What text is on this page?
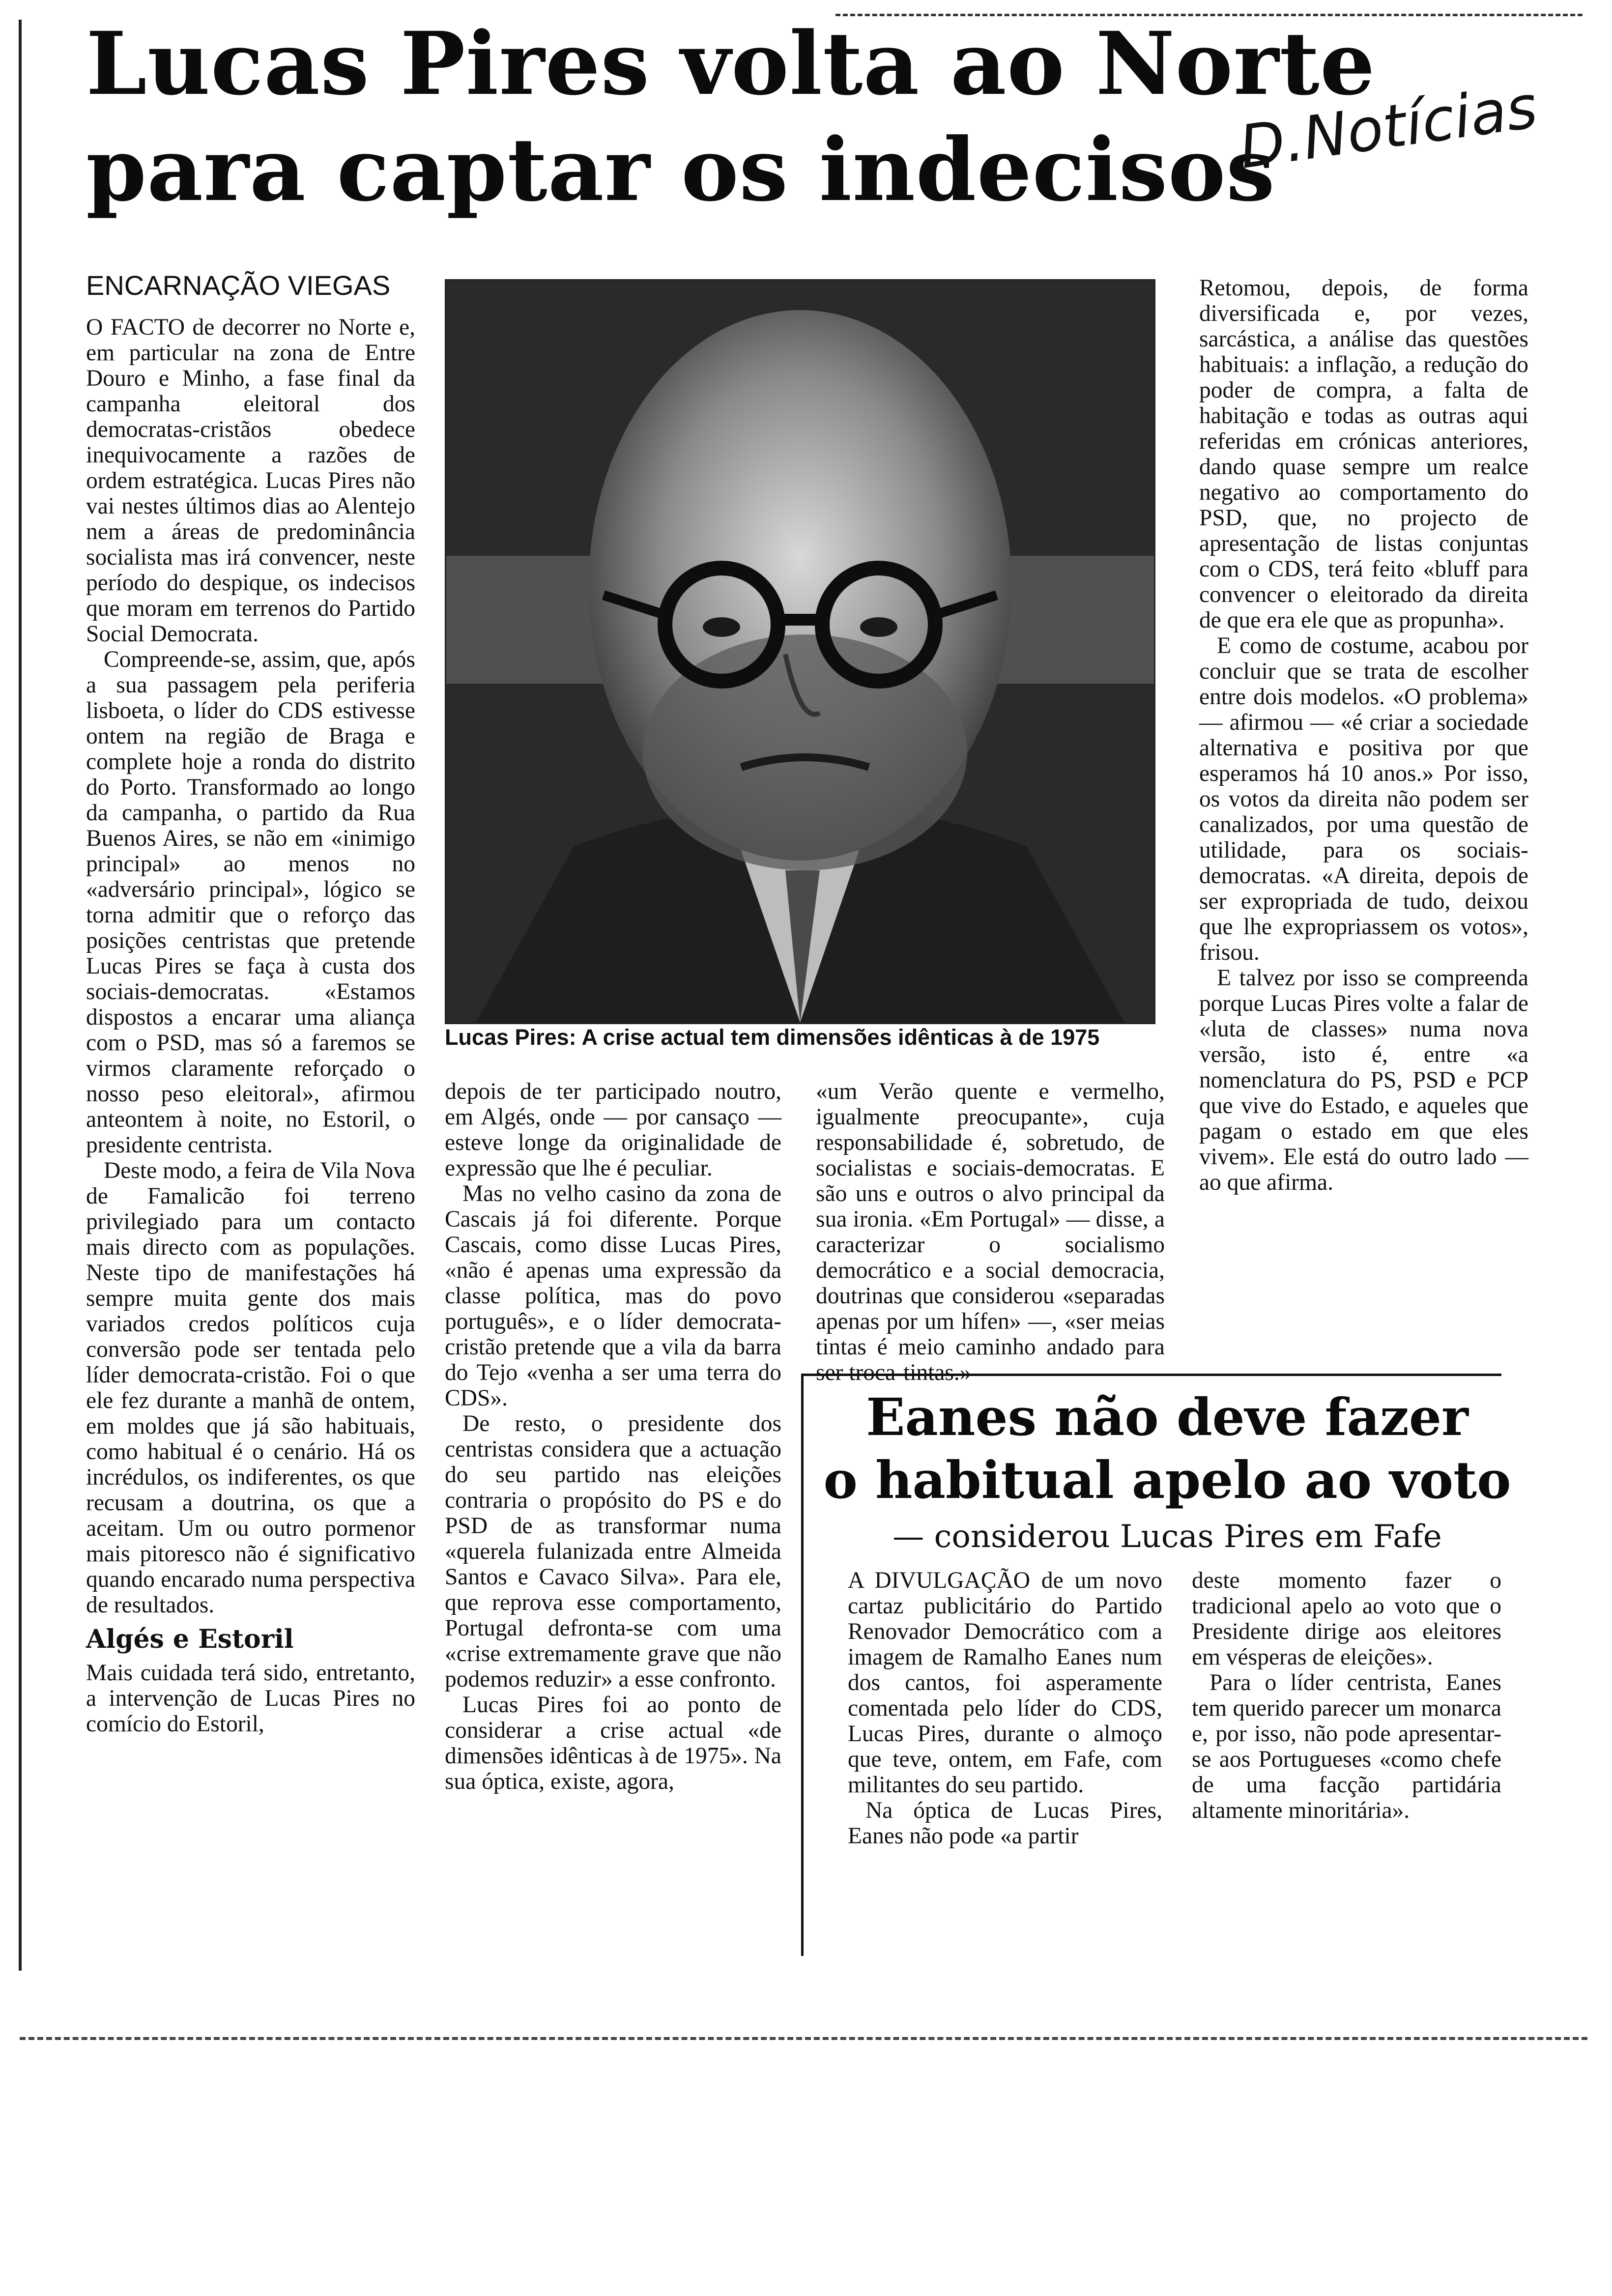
Lucas Pires volta ao Norte
para captar os indecisos
D.Notícias
ENCARNAÇÃO VIEGAS

O FACTO de decorrer no Norte e, em particular na zona de Entre Douro e Minho, a fase final da campanha eleitoral dos democratas-cristãos obedece inequivocamente a razões de ordem estratégica. Lucas Pires não vai nestes últimos dias ao Alentejo nem a áreas de predominância socialista mas irá convencer, neste período do despique, os indecisos que moram em terrenos do Partido Social Democrata.

Compreende-se, assim, que, após a sua passagem pela periferia lisboeta, o líder do CDS estivesse ontem na região de Braga e complete hoje a ronda do distrito do Porto. Transformado ao longo da campanha, o partido da Rua Buenos Aires, se não em «inimigo principal» ao menos no «adversário principal», lógico se torna admitir que o reforço das posições centristas que pretende Lucas Pires se faça à custa dos sociais-democratas. «Estamos dispostos a encarar uma aliança com o PSD, mas só a faremos se virmos claramente reforçado o nosso peso eleitoral», afirmou anteontem à noite, no Estoril, o presidente centrista.

Deste modo, a feira de Vila Nova de Famalicão foi terreno privilegiado para um contacto mais directo com as populações. Neste tipo de manifestações há sempre muita gente dos mais variados credos políticos cuja conversão pode ser tentada pelo líder democrata-cristão. Foi o que ele fez durante a manhã de ontem, em moldes que já são habituais, como habitual é o cenário. Há os incrédulos, os indiferentes, os que recusam a doutrina, os que a aceitam. Um ou outro pormenor mais pitoresco não é significativo quando encarado numa perspectiva de resultados.

Algés e Estoril

Mais cuidada terá sido, entretanto, a intervenção de Lucas Pires no comício do Estoril,

Lucas Pires: A crise actual tem dimensões idênticas à de 1975

depois de ter participado noutro, em Algés, onde — por cansaço — esteve longe da originalidade de expressão que lhe é peculiar.

Mas no velho casino da zona de Cascais já foi diferente. Porque Cascais, como disse Lucas Pires, «não é apenas uma expressão da classe política, mas do povo português», e o líder democrata-cristão pretende que a vila da barra do Tejo «venha a ser uma terra do CDS».

De resto, o presidente dos centristas considera que a actuação do seu partido nas eleições contraria o propósito do PS e do PSD de as transformar numa «querela fulanizada entre Almeida Santos e Cavaco Silva». Para ele, que reprova esse comportamento, Portugal defronta-se com uma «crise extremamente grave que não podemos reduzir» a esse confronto.

Lucas Pires foi ao ponto de considerar a crise actual «de dimensões idênticas à de 1975». Na sua óptica, existe, agora,

«um Verão quente e vermelho, igualmente preocupante», cuja responsabilidade é, sobretudo, de socialistas e sociais-democratas. E são uns e outros o alvo principal da sua ironia. «Em Portugal» — disse, a caracterizar o socialismo democrático e a social democracia, doutrinas que considerou «separadas apenas por um hífen» —, «ser meias tintas é meio caminho andado para ser troca-tintas.»

Retomou, depois, de forma diversificada e, por vezes, sarcástica, a análise das questões habituais: a inflação, a redução do poder de compra, a falta de habitação e todas as outras aqui referidas em crónicas anteriores, dando quase sempre um realce negativo ao comportamento do PSD, que, no projecto de apresentação de listas conjuntas com o CDS, terá feito «bluff para convencer o eleitorado da direita de que era ele que as propunha».

E como de costume, acabou por concluir que se trata de escolher entre dois modelos. «O problema» — afirmou — «é criar a sociedade alternativa e positiva por que esperamos há 10 anos.» Por isso, os votos da direita não podem ser canalizados, por uma questão de utilidade, para os sociais-democratas. «A direita, depois de ser expropriada de tudo, deixou que lhe expropriassem os votos», frisou.

E talvez por isso se compreenda porque Lucas Pires volte a falar de «luta de classes» numa nova versão, isto é, entre «a nomenclatura do PS, PSD e PCP que vive do Estado, e aqueles que pagam o estado em que eles vivem». Ele está do outro lado — ao que afirma.

Eanes não deve fazer
o habitual apelo ao voto
— considerou Lucas Pires em Fafe

A DIVULGAÇÃO de um novo cartaz publicitário do Partido Renovador Democrático com a imagem de Ramalho Eanes num dos cantos, foi asperamente comentada pelo líder do CDS, Lucas Pires, durante o almoço que teve, ontem, em Fafe, com militantes do seu partido.

Na óptica de Lucas Pires, Eanes não pode «a partir

deste momento fazer o tradicional apelo ao voto que o Presidente dirige aos eleitores em vésperas de eleições».

Para o líder centrista, Eanes tem querido parecer um monarca e, por isso, não pode apresentar-se aos Portugueses «como chefe de uma facção partidária altamente minoritária».
